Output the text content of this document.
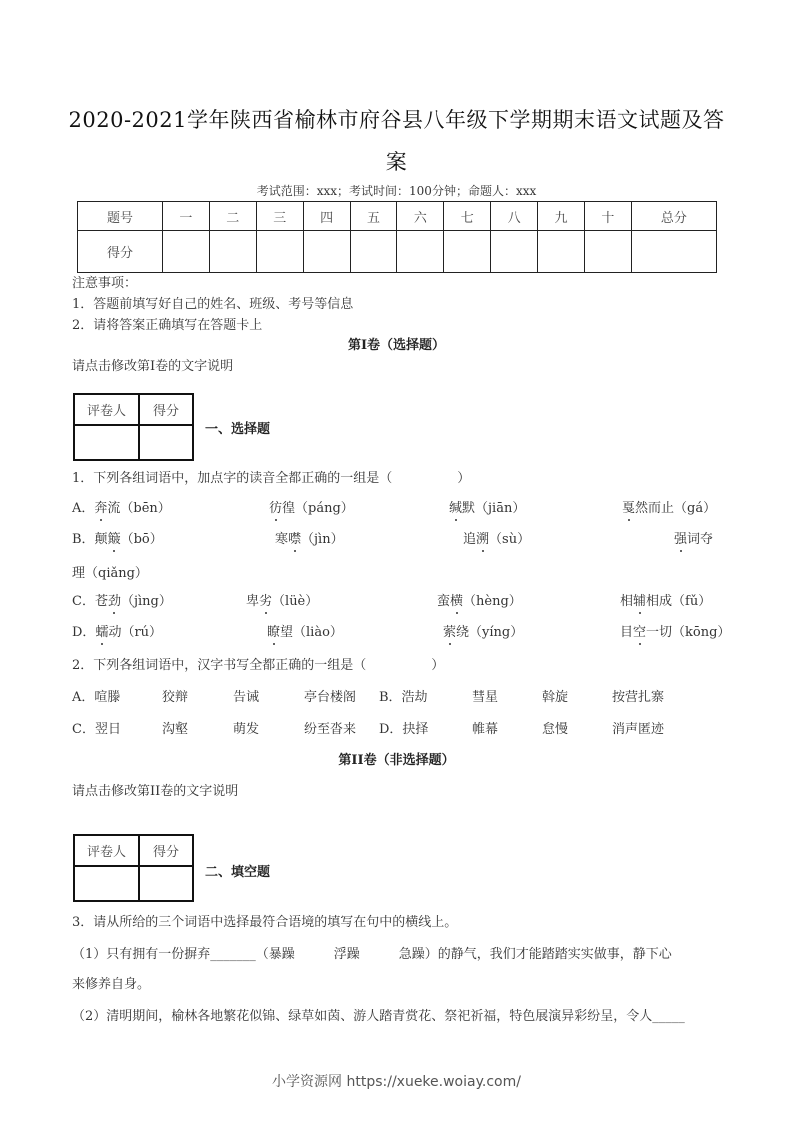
2020-2021学年陕西省榆林市府谷县八年级下学期期末语文试题及答
案
考试范围：xxx；考试时间：100分钟；命题人：xxx
题号	一	二	三	四	五	六	七	八	九	十	总分
得分											
注意事项：
1．答题前填写好自己的姓名、班级、考号等信息
2．请将答案正确填写在答题卡上
第I卷（选择题）
请点击修改第I卷的文字说明
评卷人	得分

一、选择题
1．下列各组词语中，加点字的读音全都正确的一组是（　　　　　）
A．奔流（bēn）	彷徨（páng）	缄默（jiān）	戛然而止（gá）
B．颠簸（bō）	寒噤（jìn）	追溯（sù）	强词夺
理（qiǎng）
C．苍劲（jìng）	卑劣（lüè）	蛮横（hèng）	相辅相成（fǔ）
D．蠕动（rú）	瞭望（liào）	萦绕（yíng）	目空一切（kōng）
2．下列各组词语中，汉字书写全都正确的一组是（　　　　　）
A．喧滕	狡辩	告诫	亭台楼阁 B．浩劫	彗星	斡旋	按营扎寨
C．翌日	沟壑	萌发	纷至沓来 D．抉择	帷幕	怠慢	消声匿迹
第II卷（非选择题）
请点击修改第II卷的文字说明
评卷人	得分

二、填空题
3．请从所给的三个词语中选择最符合语境的填写在句中的横线上。
（1）只有拥有一份摒弃_______（暴躁　　　浮躁　　　急躁）的静气，我们才能踏踏实实做事，静下心
来修养自身。
（2）清明期间，榆林各地繁花似锦、绿草如茵、游人踏青赏花、祭祀祈福，特色展演异彩纷呈，令人_____
小学资源网 https://xueke.woiay.com/
